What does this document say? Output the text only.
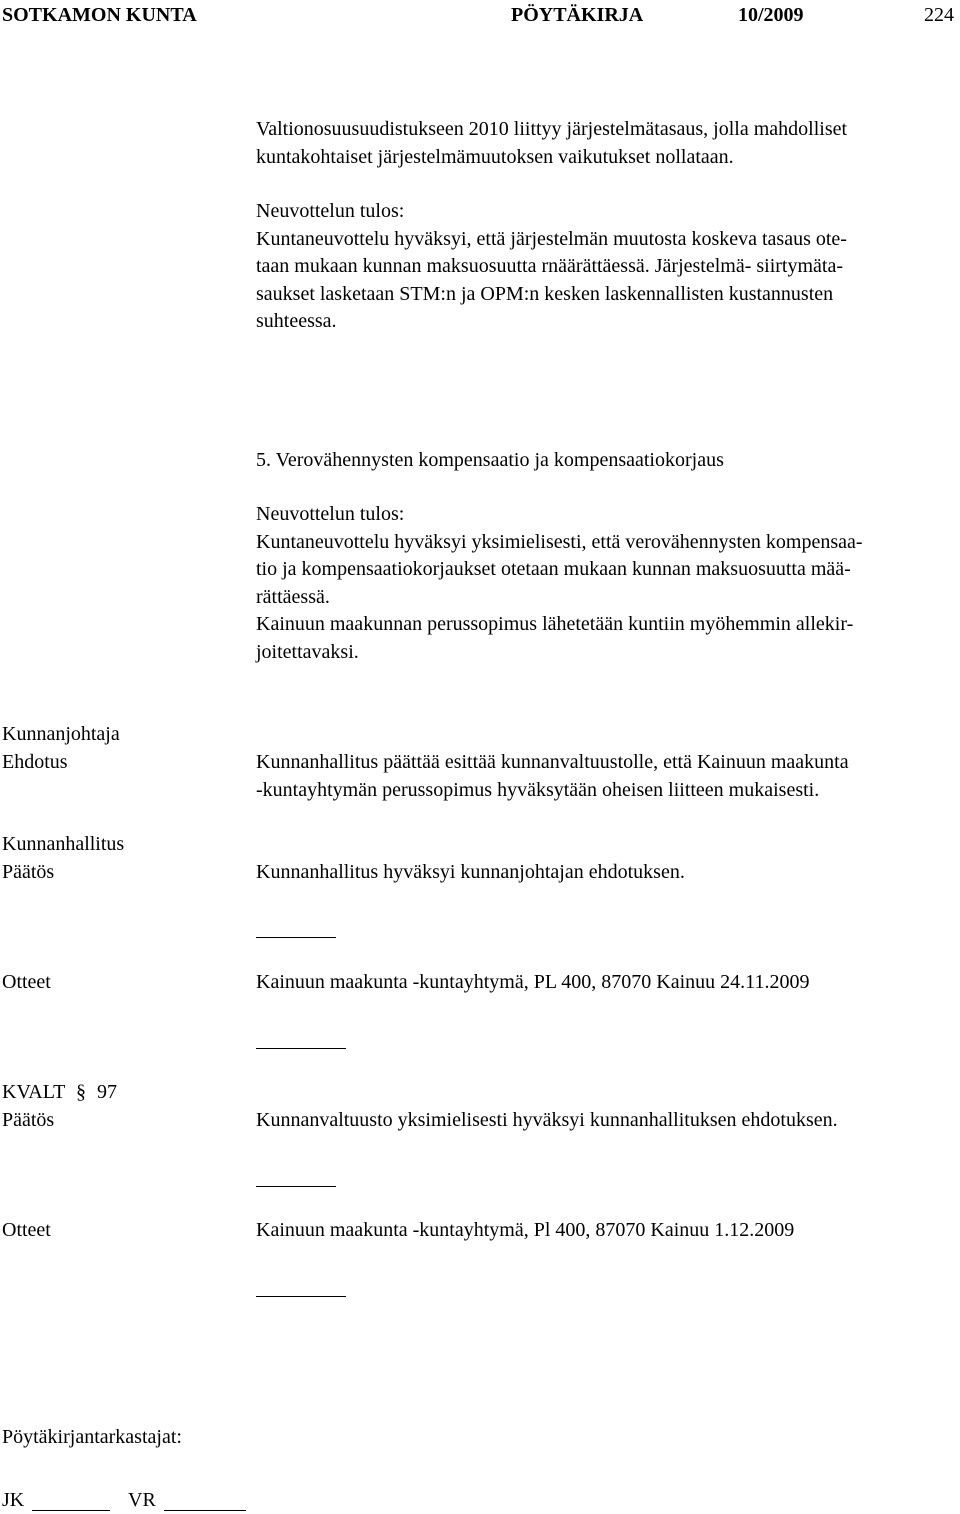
SOTKAMON KUNTA	PÖYTÄKIRJA	10/2009	224
Valtionosuusuudistukseen 2010 liittyy järjestelmätasaus, jolla mahdolliset
kuntakohtaiset järjestelmämuutoksen vaikutukset nollataan.
Neuvottelun tulos:
Kuntaneuvottelu hyväksyi, että järjestelmän muutosta koskeva tasaus ote-
taan mukaan kunnan maksuosuutta rnäärättäessä. Järjestelmä- siirtymäta-
saukset lasketaan STM:n ja OPM:n kesken laskennallisten kustannusten
suhteessa.
5. Verovähennysten kompensaatio ja kompensaatiokorjaus
Neuvottelun tulos:
Kuntaneuvottelu hyväksyi yksimielisesti, että verovähennysten kompensaa-
tio ja kompensaatiokorjaukset otetaan mukaan kunnan maksuosuutta mää-
rättäessä.
Kainuun maakunnan perussopimus lähetetään kuntiin myöhemmin allekir-
joitettavaksi.
Kunnanjohtaja
Ehdotus	Kunnanhallitus päättää esittää kunnanvaltuustolle, että Kainuun maakunta
-kuntayhtymän perussopimus hyväksytään oheisen liitteen mukaisesti.
Kunnanhallitus
Päätös	Kunnanhallitus hyväksyi kunnanjohtajan ehdotuksen.
Otteet	Kainuun maakunta -kuntayhtymä, PL 400, 87070 Kainuu 24.11.2009
KVALT § 97
Päätös	Kunnanvaltuusto yksimielisesti hyväksyi kunnanhallituksen ehdotuksen.
Otteet	Kainuun maakunta -kuntayhtymä, Pl 400, 87070 Kainuu 1.12.2009
Pöytäkirjantarkastajat:
JK	VR
